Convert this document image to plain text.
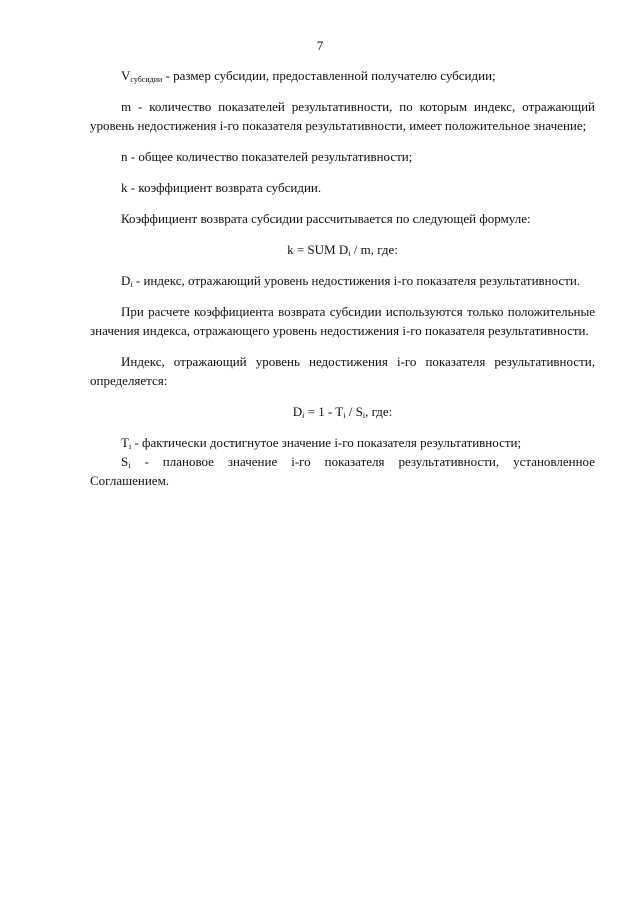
7

$V_{субсидии}$ - размер субсидии, предоставленной получателю субсидии;

m - количество показателей результативности, по которым индекс, отражающий уровень недостижения i-го показателя результативности, имеет положительное значение;

n - общее количество показателей результативности;

k - коэффициент возврата субсидии.

Коэффициент возврата субсидии рассчитывается по следующей формуле:

k = SUM $D_i$ / m, где:

$D_i$ - индекс, отражающий уровень недостижения i-го показателя результативности.

При расчете коэффициента возврата субсидии используются только положительные значения индекса, отражающего уровень недостижения i-го показателя результативности.

Индекс, отражающий уровень недостижения i-го показателя результативности, определяется:

$D_i = 1 - T_i / S_i$, где:

$T_i$ - фактически достигнутое значение i-го показателя результативности;

$S_i$ - плановое значение i-го показателя результативности, установленное Соглашением.
